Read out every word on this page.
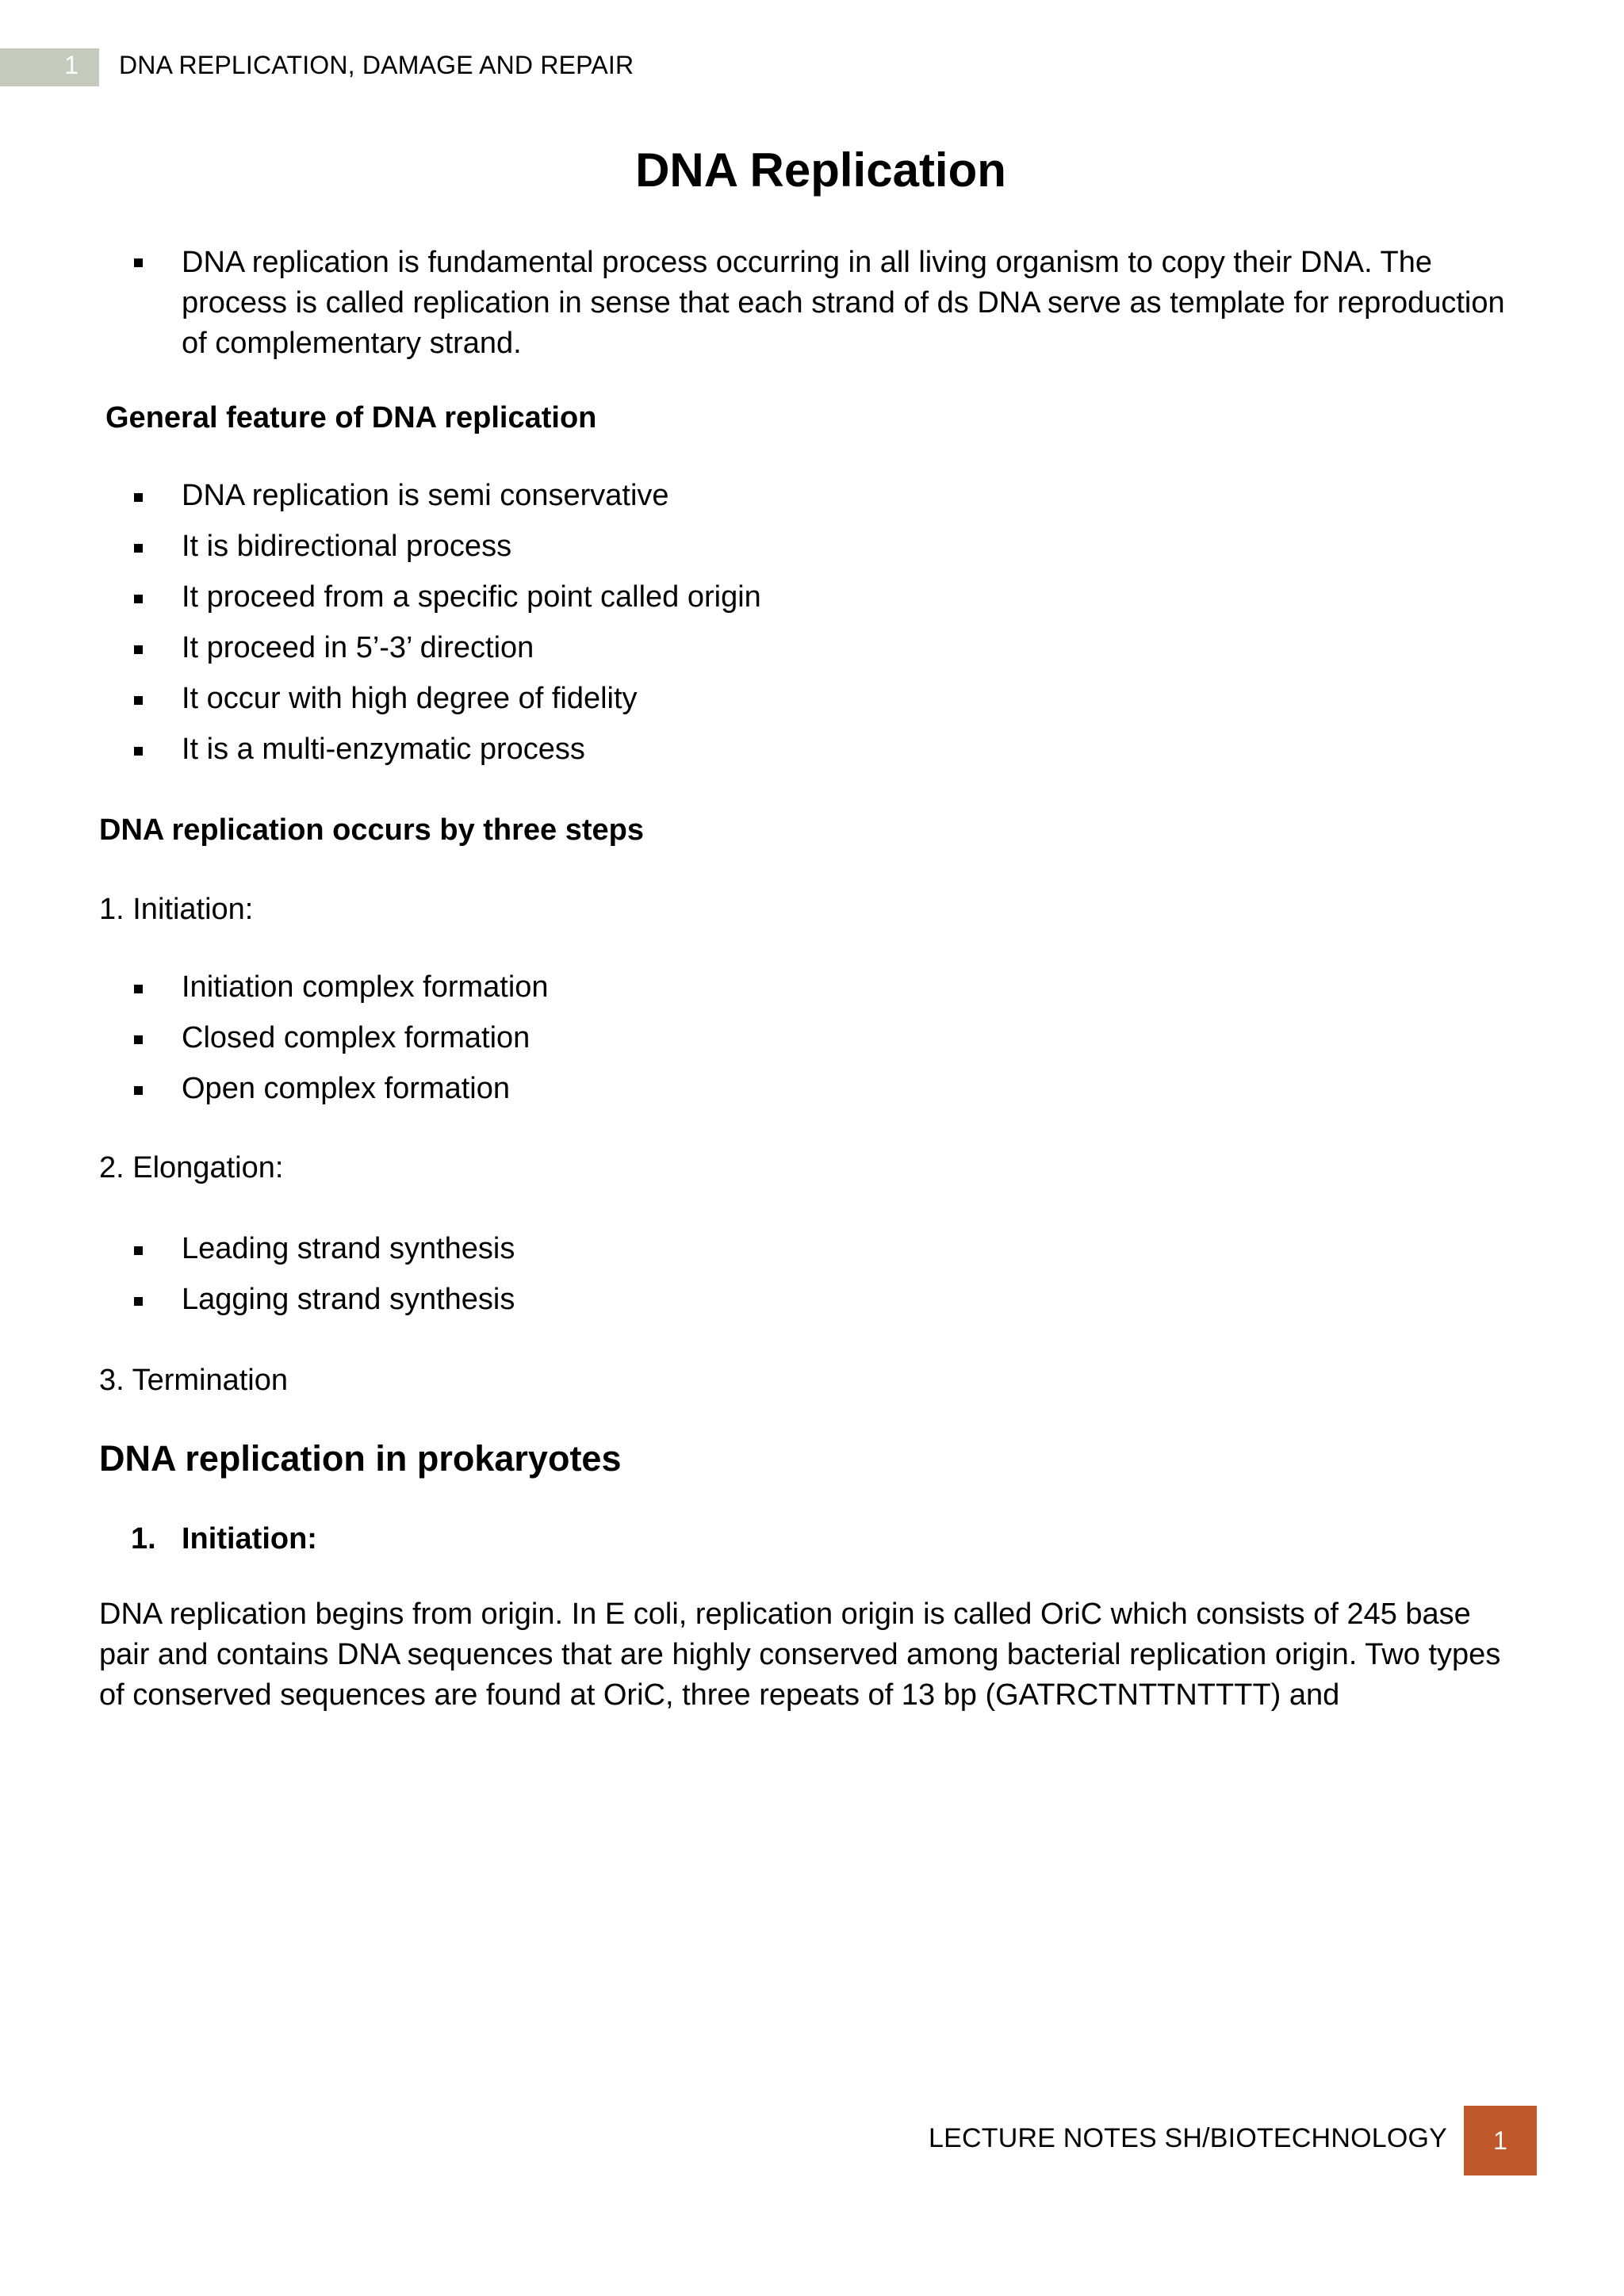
1	DNA REPLICATION, DAMAGE AND REPAIR
DNA Replication
DNA replication is fundamental process occurring in all living organism to copy their DNA. The process is called replication in sense that each strand of ds DNA serve as template for reproduction of complementary strand.

General feature of DNA replication

DNA replication is semi conservative
It is bidirectional process
It proceed from a specific point called origin
It proceed in 5’-3’ direction
It occur with high degree of fidelity
It is a multi-enzymatic process

DNA replication occurs by three steps

1. Initiation:

Initiation complex formation
Closed complex formation
Open complex formation

2. Elongation:

Leading strand synthesis
Lagging strand synthesis

3. Termination

DNA replication in prokaryotes
1. Initiation:

DNA replication begins from origin. In E coli, replication origin is called OriC which consists of 245 base pair and contains DNA sequences that are highly conserved among bacterial replication origin. Two types of conserved sequences are found at OriC, three repeats of 13 bp (GATRCTNTTNTTTT) and

LECTURE NOTES SH/BIOTECHNOLOGY	1
